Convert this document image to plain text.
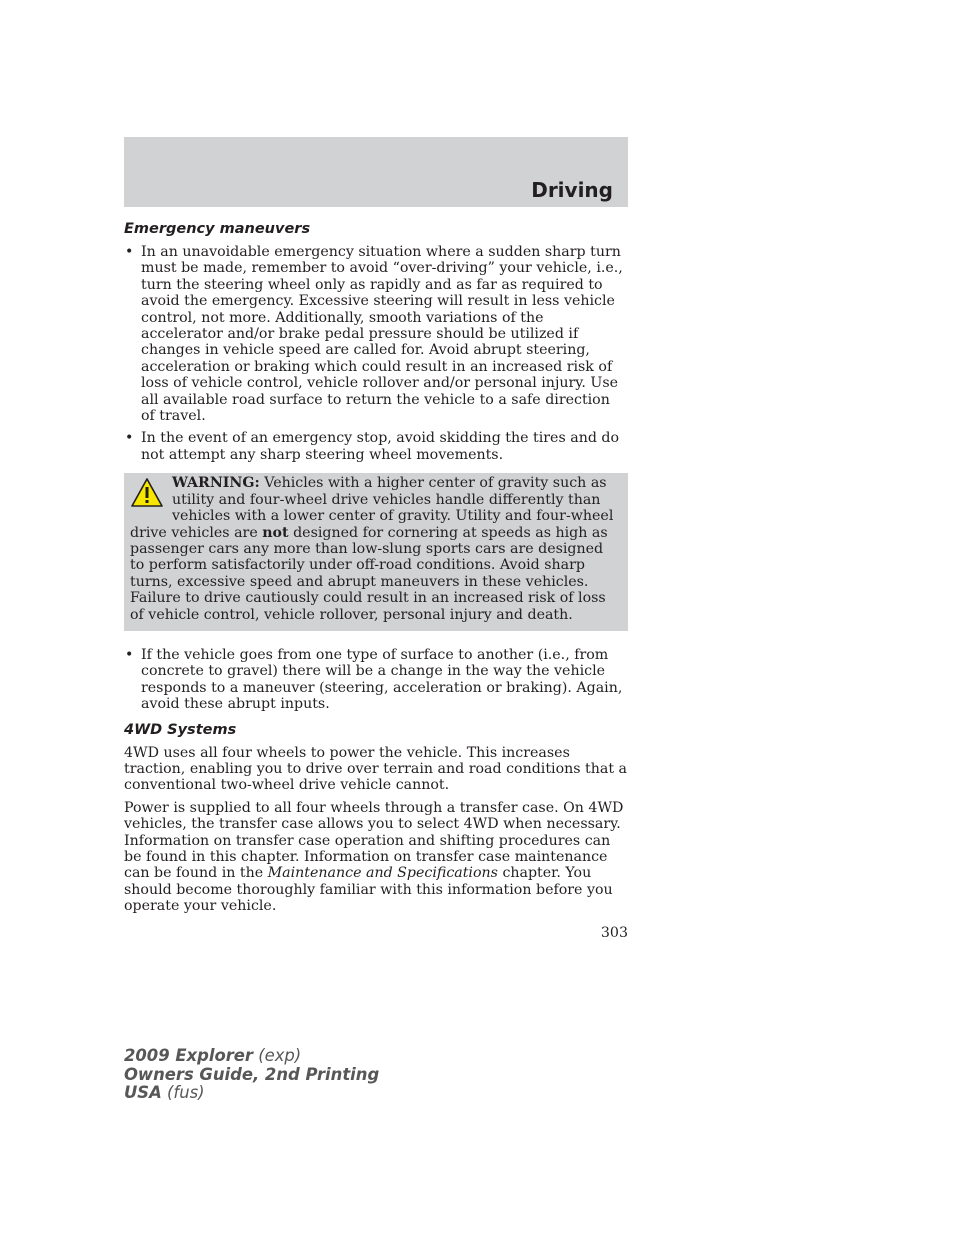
Driving
Emergency maneuvers
• In an unavoidable emergency situation where a sudden sharp turn must be made, remember to avoid “over-driving” your vehicle, i.e., turn the steering wheel only as rapidly and as far as required to avoid the emergency. Excessive steering will result in less vehicle control, not more. Additionally, smooth variations of the accelerator and/or brake pedal pressure should be utilized if changes in vehicle speed are called for. Avoid abrupt steering, acceleration or braking which could result in an increased risk of loss of vehicle control, vehicle rollover and/or personal injury. Use all available road surface to return the vehicle to a safe direction of travel.
• In the event of an emergency stop, avoid skidding the tires and do not attempt any sharp steering wheel movements.
WARNING: Vehicles with a higher center of gravity such as utility and four-wheel drive vehicles handle differently than vehicles with a lower center of gravity. Utility and four-wheel drive vehicles are not designed for cornering at speeds as high as passenger cars any more than low-slung sports cars are designed to perform satisfactorily under off-road conditions. Avoid sharp turns, excessive speed and abrupt maneuvers in these vehicles. Failure to drive cautiously could result in an increased risk of loss of vehicle control, vehicle rollover, personal injury and death.
• If the vehicle goes from one type of surface to another (i.e., from concrete to gravel) there will be a change in the way the vehicle responds to a maneuver (steering, acceleration or braking). Again, avoid these abrupt inputs.
4WD Systems

4WD uses all four wheels to power the vehicle. This increases traction, enabling you to drive over terrain and road conditions that a conventional two-wheel drive vehicle cannot.

Power is supplied to all four wheels through a transfer case. On 4WD vehicles, the transfer case allows you to select 4WD when necessary. Information on transfer case operation and shifting procedures can be found in this chapter. Information on transfer case maintenance can be found in the Maintenance and Specifications chapter. You should become thoroughly familiar with this information before you operate your vehicle.

303
2009 Explorer (exp)
Owners Guide, 2nd Printing
USA (fus)
